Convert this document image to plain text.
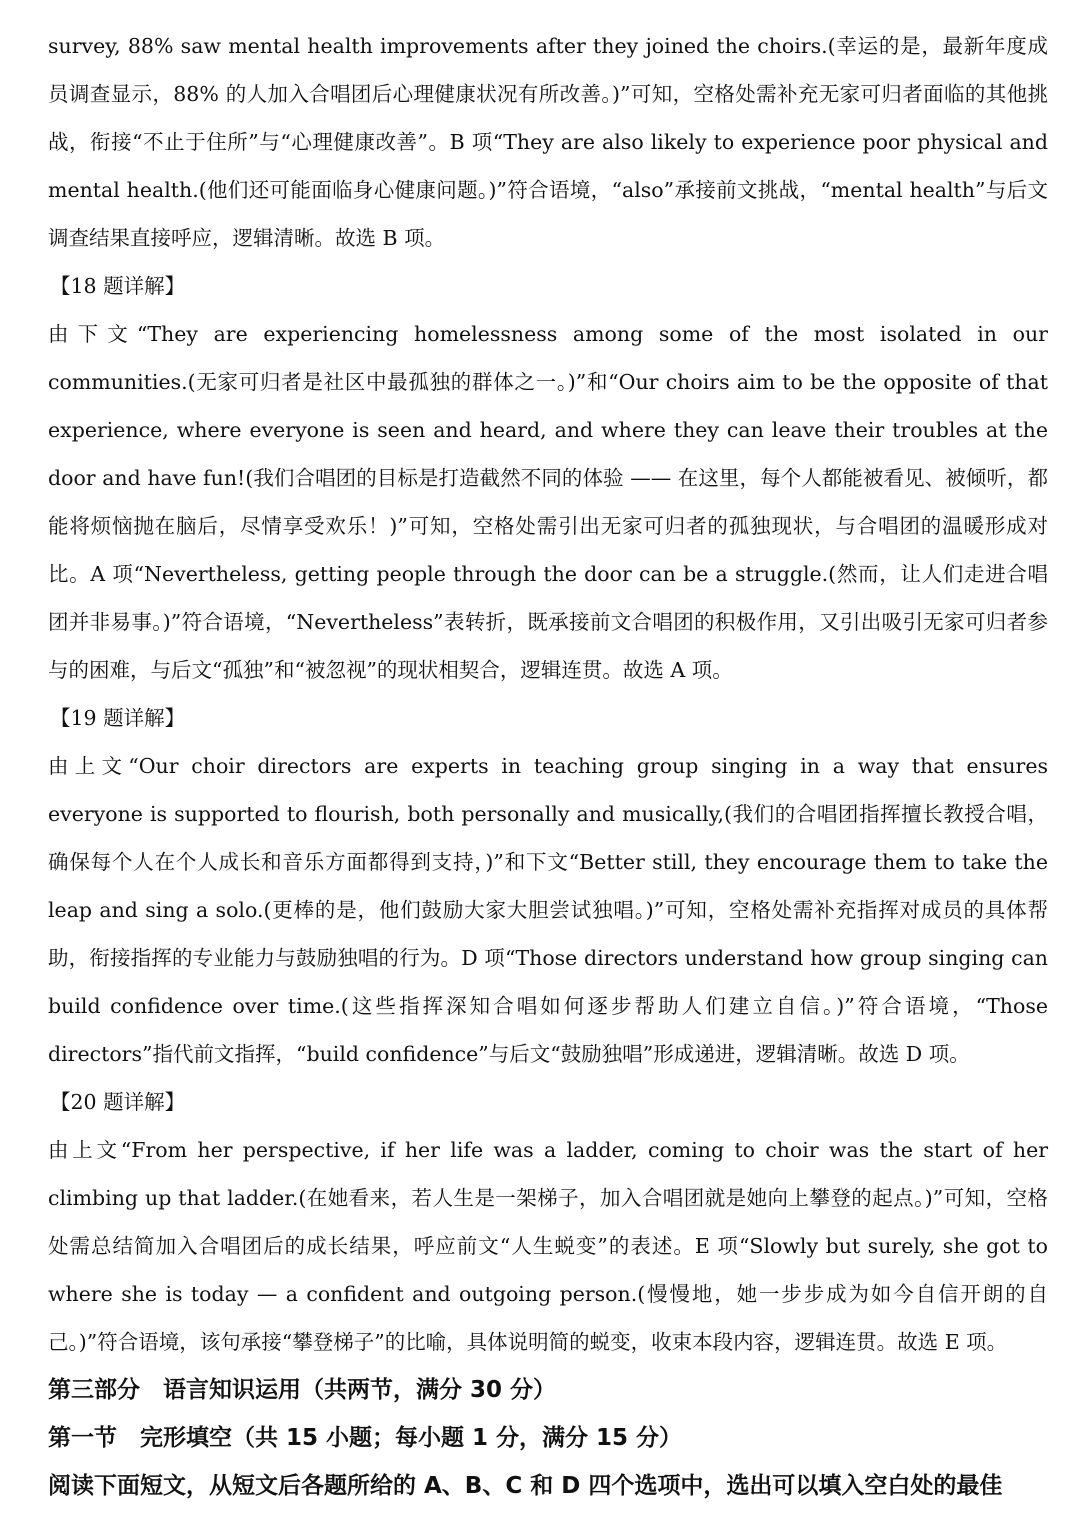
survey, 88% saw mental health improvements after they joined the choirs.(幸运的是，最新年度成员调查显示，88% 的人加入合唱团后心理健康状况有所改善。)”可知，空格处需补充无家可归者面临的其他挑战，衔接“不止于住所”与“心理健康改善”。B 项“They are also likely to experience poor physical and mental health.(他们还可能面临身心健康问题。)”符合语境，“also”承接前文挑战，“mental health”与后文调查结果直接呼应，逻辑清晰。故选 B 项。

【18 题详解】

由下文“They are experiencing homelessness among some of the most isolated in our communities.(无家可归者是社区中最孤独的群体之一。)”和“Our choirs aim to be the opposite of that experience, where everyone is seen and heard, and where they can leave their troubles at the door and have fun!(我们合唱团的目标是打造截然不同的体验 —— 在这里，每个人都能被看见、被倾听，都能将烦恼抛在脑后，尽情享受欢乐！)”可知，空格处需引出无家可归者的孤独现状，与合唱团的温暖形成对比。A 项“Nevertheless, getting people through the door can be a struggle.(然而，让人们走进合唱团并非易事。)”符合语境，“Nevertheless”表转折，既承接前文合唱团的积极作用，又引出吸引无家可归者参与的困难，与后文“孤独”和“被忽视”的现状相契合，逻辑连贯。故选 A 项。

【19 题详解】

由上文“Our choir directors are experts in teaching group singing in a way that ensures everyone is supported to flourish, both personally and musically,(我们的合唱团指挥擅长教授合唱，确保每个人在个人成长和音乐方面都得到支持，)”和下文“Better still, they encourage them to take the leap and sing a solo.(更棒的是，他们鼓励大家大胆尝试独唱。)”可知，空格处需补充指挥对成员的具体帮助，衔接指挥的专业能力与鼓励独唱的行为。D 项“Those directors understand how group singing can build confidence over time.(这些指挥深知合唱如何逐步帮助人们建立自信。)”符合语境，“Those directors”指代前文指挥，“build confidence”与后文“鼓励独唱”形成递进，逻辑清晰。故选 D 项。

【20 题详解】

由上文“From her perspective, if her life was a ladder, coming to choir was the start of her climbing up that ladder.(在她看来，若人生是一架梯子，加入合唱团就是她向上攀登的起点。)”可知，空格处需总结简加入合唱团后的成长结果，呼应前文“人生蜕变”的表述。E 项“Slowly but surely, she got to where she is today — a confident and outgoing person.(慢慢地，她一步步成为如今自信开朗的自己。)”符合语境，该句承接“攀登梯子”的比喻，具体说明简的蜕变，收束本段内容，逻辑连贯。故选 E 项。

第三部分　语言知识运用（共两节，满分 30 分）

第一节　完形填空（共 15 小题；每小题 1 分，满分 15 分）

阅读下面短文，从短文后各题所给的 A、B、C 和 D 四个选项中，选出可以填入空白处的最佳
